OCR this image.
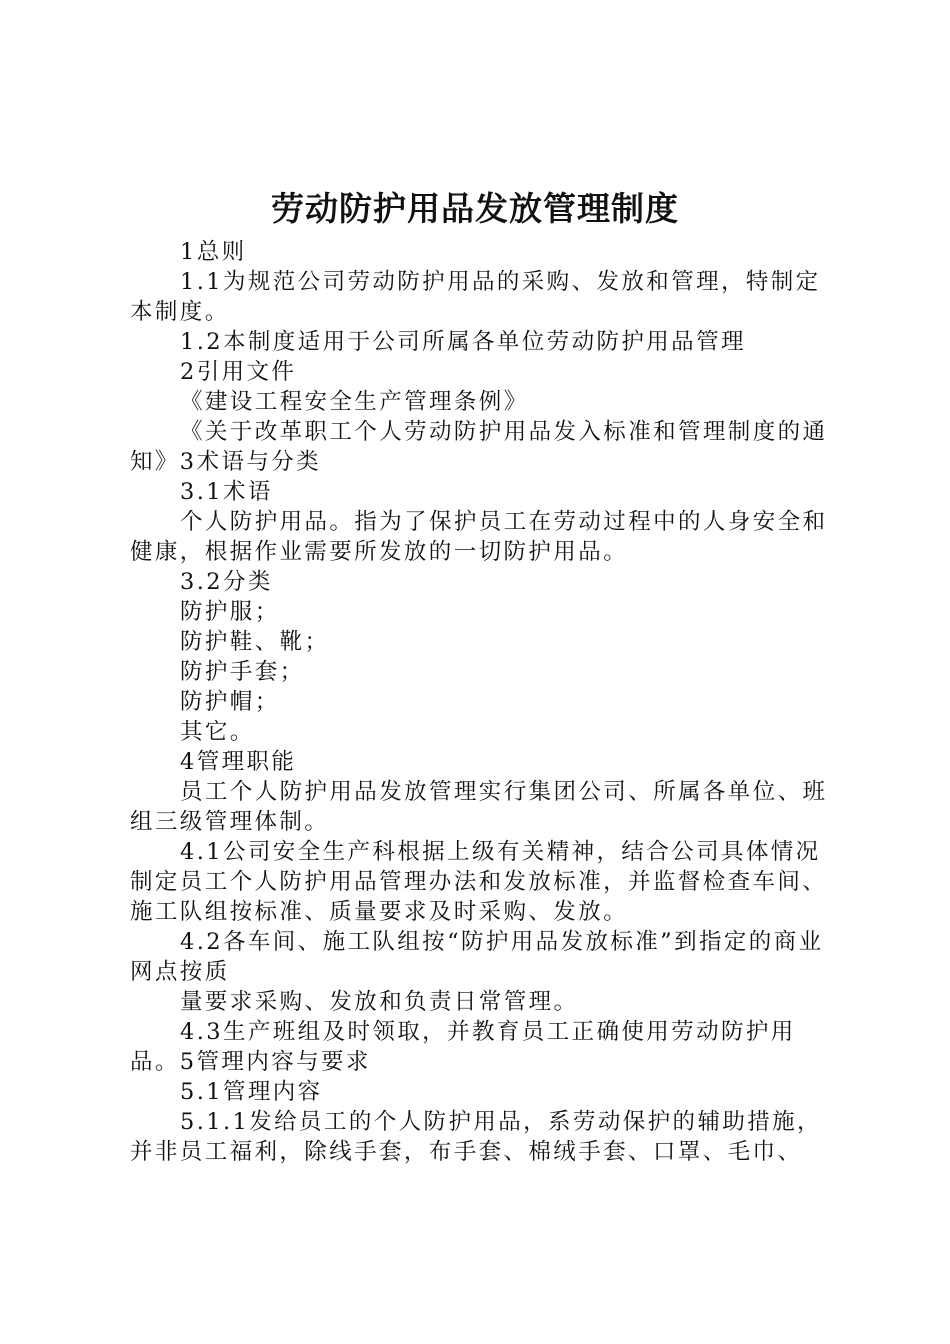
劳动防护用品发放管理制度

1总则

1.1为规范公司劳动防护用品的采购、发放和管理，特制定本制度。

1.2本制度适用于公司所属各单位劳动防护用品管理

2引用文件

《建设工程安全生产管理条例》

《关于改革职工个人劳动防护用品发入标准和管理制度的通知》3术语与分类

3.1术语

个人防护用品。指为了保护员工在劳动过程中的人身安全和健康，根据作业需要所发放的一切防护用品。

3.2分类

防护服；

防护鞋、靴；

防护手套；

防护帽；

其它。

4管理职能

员工个人防护用品发放管理实行集团公司、所属各单位、班组三级管理体制。

4.1公司安全生产科根据上级有关精神，结合公司具体情况制定员工个人防护用品管理办法和发放标准，并监督检查车间、施工队组按标准、质量要求及时采购、发放。

4.2各车间、施工队组按“防护用品发放标准”到指定的商业网点按质

量要求采购、发放和负责日常管理。

4.3生产班组及时领取，并教育员工正确使用劳动防护用品。5管理内容与要求

5.1管理内容

5.1.1发给员工的个人防护用品，系劳动保护的辅助措施，并非员工福利，除线手套，布手套、棉绒手套、口罩、毛巾、
